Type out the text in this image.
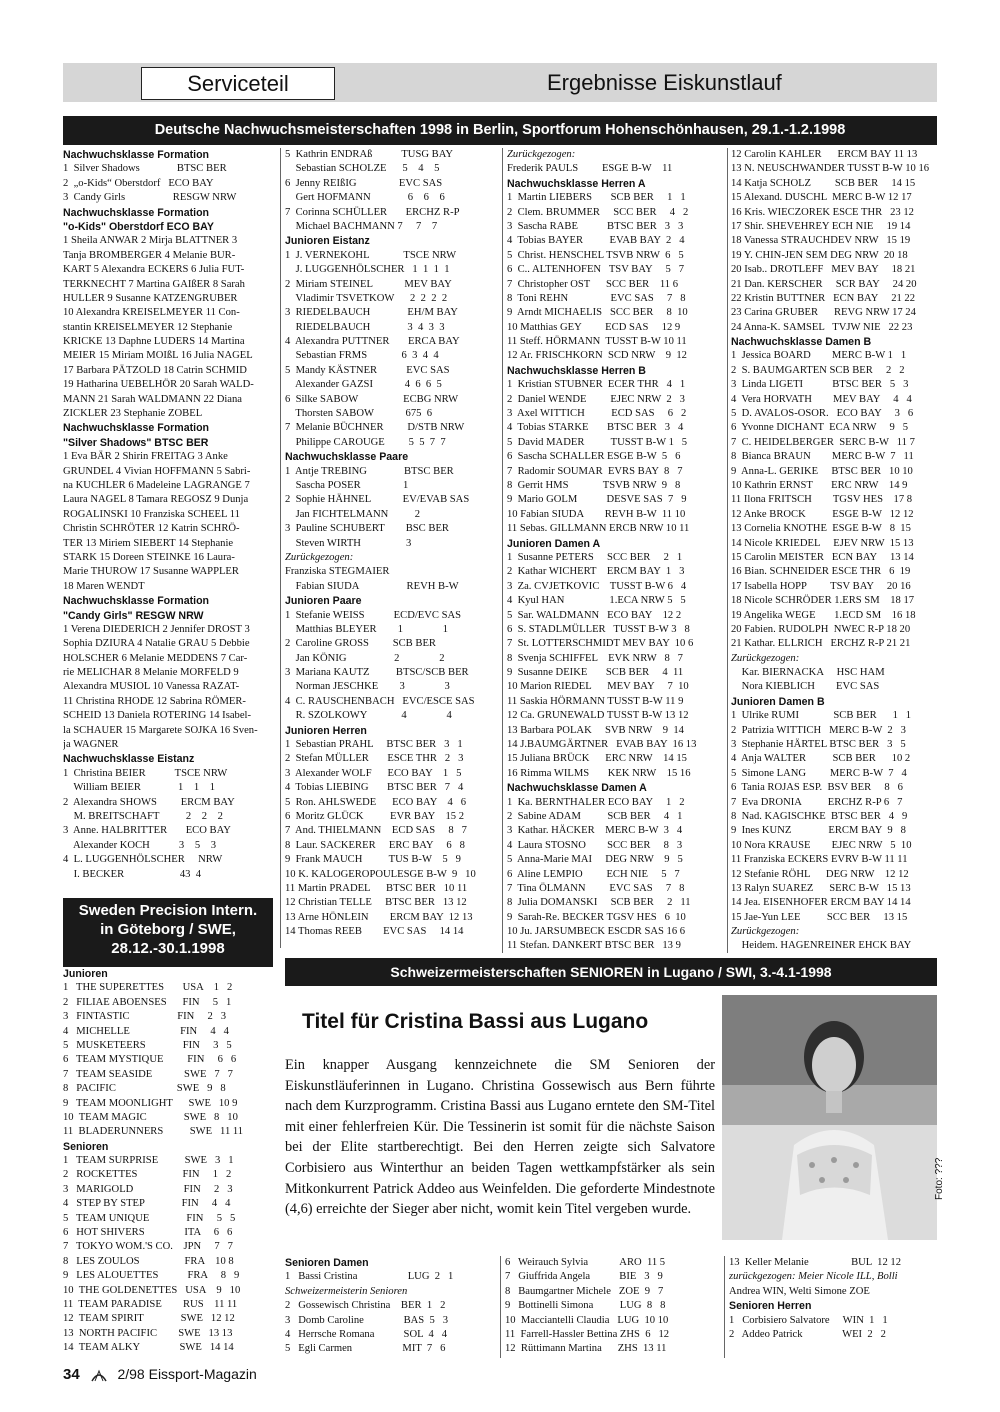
Serviceteil	Ergebnisse Eiskunstlauf
Deutsche Nachwuchsmeisterschaften 1998 in Berlin, Sportforum Hohenschönhausen, 29.1.-1.2.1998
Nachwuchsklasse Formation
1  Silver Shadows              BTSC BER
2  „o-Kids“ Oberstdorf   ECO BAY
3  Candy Girls                  RESGW NRW
Nachwuchsklasse Formation
"o-Kids" Oberstdorf ECO BAY
1 Sheila ANWAR 2 Mirja BLATTNER 3
Tanja BROMBERGER 4 Melanie BUR-
KART 5 Alexandra ECKERS 6 Julia FUT-
TERKNECHT 7 Martina GAIßER 8 Sarah
HULLER 9 Susanne KATZENGRUBER
10 Alexandra KREISELMEYER 11 Con-
stantin KREISELMEYER 12 Stephanie
KRICKE 13 Daphne LUDERS 14 Martina
MEIER 15 Miriam MOIßL 16 Julia NAGEL
17 Barbara PÄTZOLD 18 Catrin SCHMID
19 Hatharina UEBELHÖR 20 Sarah WALD-
MANN 21 Sarah WALDMANN 22 Diana
ZICKLER 23 Stephanie ZOBEL
Nachwuchsklasse Formation
"Silver Shadows" BTSC BER
1 Eva BÄR 2 Shirin FREITAG 3 Anke
GRUNDEL 4 Vivian HOFFMANN 5 Sabri-
na KUCHLER 6 Madeleine LAGRANGE 7
Laura NAGEL 8 Tamara REGOSZ 9 Dunja
ROGALINSKI 10 Franziska SCHEEL 11
Christin SCHRÖTER 12 Katrin SCHRÖ-
TER 13 Miriem SIEBERT 14 Stephanie
STARK 15 Doreen STEINKE 16 Laura-
Marie THUROW 17 Susanne WAPPLER
18 Maren WENDT
Nachwuchsklasse Formation
"Candy Girls" RESGW NRW
1 Verena DIEDERICH 2 Jennifer DROST 3
Sophia DZIURA 4 Natalie GRAU 5 Debbie
HOLSCHER 6 Melanie MEDDENS 7 Car-
rie MELICHAR 8 Melanie MORFELD 9
Alexandra MUSIOL 10 Vanessa RAZAT-
11 Christina RHODE 12 Sabrina RÖMER-
SCHEID 13 Daniela ROTERING 14 Isabel-
la SCHAUER 15 Margarete SOJKA 16 Sven-
ja WAGNER
Nachwuchsklasse Eistanz
1  Christina BEIER           TSCE NRW
William BEIER              1    1    1
2  Alexandra SHOWS         ERCM BAY
M. BREITSCHAFT          2    2    2
3  Anne. HALBRITTER       ECO BAY
Alexander KOCH           3    5    3
4  L. LUGGENHÖLSCHER     NRW
I. BECKER                     43  4
5  Kathrin ENDRAß           TUSG BAY
Sebastian SCHOLZE      5    4    5
6  Jenny REIßIG                EVC SAS
Gert HOFMANN              6    6    6
7  Corinna SCHÜLLER       ERCHZ R-P
Michael BACHMANN 7     7    7
Junioren Eistanz
1  J. VERNEKOHL             TSCE NRW
J. LUGGENHÖLSCHER   1  1  1  1
2  Miriam STEINEL            MEV BAY
Vladimir TSVETKOW      2  2  2  2
3  RIEDELBAUCH              EH/M BAY
RIEDELBAUCH              3  4  3  3
4  Alexandra PUTTNER       ERCA BAY
Sebastian FRMS             6  3  4  4
5  Mandy KÄSTNER           EVC SAS
Alexander GAZSI            4  6  6  5
6  Silke SABOW                 ECBG NRW
Thorsten SABOW            675  6
7  Melanie BÜCHNER         D/STB NRW
Philippe CAROUGE         5  5  7  7
Nachwuchsklasse Paare
1  Antje TREBING              BTSC BER
Sascha POSER                1
2  Sophie HÄHNEL            EV/EVAB SAS
Jan FICHTELMANN          2
3  Pauline SCHUBERT        BSC BER
Steven WIRTH                 3
Zurückgezogen:
Franziska STEGMAIER
Fabian SIUDA                  REVH B-W
Junioren Paare
1  Stefanie WEISS           ECD/EVC SAS
Matthias BLEYER        1               1
2  Caroline GROSS         SCB BER
Jan KÖNIG                  2               2
3  Mariana KAUTZ          BTSC/SCB BER
Norman JESCHKE        3               3
4  C. RAUSCHENBACH   EVC/ESCE SAS
R. SZOLKOWY             4               4
Junioren Herren
1  Sebastian PRAHL     BTSC BER   3   1
2  Stefan MÜLLER       ESCE THR   2   3
3  Alexander WOLF      ECO BAY    1   5
4  Tobias LIEBING       BTSC BER   7   4
5  Ron. AHLSWEDE      ECO BAY    4   6
6  Moritz GLÜCK          EVR BAY    15 2
7  And. THIELMANN    ECD SAS     8   7
8  Laur. SACKERER     ERC BAY     6   8
9  Frank MAUCH          TUS B-W    5   9
10 K. KALOGEROPOULESGE B-W  9   10
11 Martin PRADEL      BTSC BER   10 11
12 Christian TELLE     BTSC BER   13 12
13 Arne HÖNLEIN        ERCM BAY  12 13
14 Thomas REEB        EVC SAS     14 14
Zurückgezogen:
Frederik PAULS         ESGE B-W    11
Nachwuchsklasse Herren A
1  Martin LIEBERS       SCB BER     1   1
2  Clem. BRUMMER     SCC BER     4   2
3  Sascha RABE           BTSC BER   3   3
4  Tobias BAYER          EVAB BAY  2   4
5  Christ. HENSCHEL TSVB NRW  6   5
6  C.. ALTENHOFEN   TSV BAY     5   7
7  Christopher OST      SCC BER    11 6
8  Toni REHN                EVC SAS     7   8
9  Arndt MICHAELIS   SCC BER     8  10
10 Matthias GEY         ECD SAS     12 9
11 Steff. HÖRMANN  TUSST B-W 10 11
12 Ar. FRISCHKORN  SCD NRW    9  12
Nachwuchsklasse Herren B
1  Kristian STUBNER  ECER THR   4   1
2  Daniel WENDE         EJEC NRW  2   3
3  Axel WITTICH          ECD SAS     6   2
4  Tobias STARKE       BTSC BER   3   4
5  David MADER          TUSST B-W 1   5
6  Sascha SCHALLER ESGE B-W  5   6
7  Radomir SOUMAR  EVRS BAY  8   7
8  Gerrit HMS             TSVB NRW  9   8
9  Mario GOLM           DESVE SAS  7   9
10 Fabian SIUDA        REVH B-W  11 10
11 Sebas. GILLMANN ERCB NRW 10 11
Junioren Damen A
1  Susanne PETERS     SCC BER     2   1
2  Kathar WICHERT    ERCM BAY  1   3
3  Za. CVJETKOVIC    TUSST B-W 6   4
4  Kyul HAN                 1.ECA NRW 5   5
5  Sar. WALDMANN   ECO BAY    12 2
6  S. STADLMÜLLER   TUSST B-W 3   8
7  St. LOTTERSCHMIDT MEV BAY  10 6
8  Svenja SCHIFFEL    EVK NRW   8   7
9  Susanne DEIKE       SCB BER     4  11
10 Marion RIEDEL      MEV BAY     7  10
11 Saskia HÖRMANN TUSST B-W 11 9
12 Ca. GRUNEWALD TUSST B-W 13 12
13 Barbara POLAK     SVB NRW    9  14
14 J.BAUMGÄRTNER   EVAB BAY  16 13
15 Juliana BRÜCK      ERC NRW    14 15
16 Rimma WILMS       KEK NRW    15 16
Nachwuchsklasse Damen A
1  Ka. BERNTHALER ECO BAY     1   2
2  Sabine ADAM          SCB BER     4   1
3  Kathar. HÄCKER    MERC B-W  3   4
4  Laura STOSNO        SCC BER     8   3
5  Anna-Marie MAI     DEG NRW    9   5
6  Aline LEMPIO         ECH NIE     5   7
7  Tina ÖLMANN         EVC SAS     7   8
8  Julia DOMANSKI     SCB BER     2   11
9  Sarah-Re. BECKER TGSV HES   6  10
10 Ju. JARSUMBECK ESCDR SAS 16 6
11 Stefan. DANKERT BTSC BER   13 9
12 Carolin KAHLER      ERCM BAY 11 13
13 N. NEUSCHWANDER TUSST B-W 10 16
14 Katja SCHOLZ         SCB BER     14 15
15 Alexand. DUSCHL  MERC B-W 12 17
16 Kris. WIECZOREK ESCE THR   23 12
17 Shir. SHEVEHREY ECH NIE     19 14
18 Vanessa STRAUCHDEV NRW   15 19
19 Y. CHIN-JEN SEM DEG NRW  20 18
20 Isab.. DROTLEFF   MEV BAY     18 21
21 Dan. KERSCHER     SCR BAY     24 20
22 Kristin BUTTNER   ECN BAY     21 22
23 Carina GRUBER      REVG NRW 17 24
24 Anna-K. SAMSEL   TVJW NIE   22 23
Nachwuchsklasse Damen B
1  Jessica BOARD        MERC B-W 1   1
2  S. BAUMGARTEN SCB BER     2   2
3  Linda LIGETI           BTSC BER   5   3
4  Vera HORVATH        MEV BAY     4   4
5  D. AVALOS-OSOR.   ECO BAY     3   6
6  Yvonne DICHANT  ECA NRW     9   5
7  C. HEIDELBERGER  SERC B-W   11 7
8  Bianca BRAUN        MERC B-W  7   11
9  Anna-L. GERIKE     BTSC BER   10 10
10 Kathrin ERNST       ERC NRW    14 9
11 Ilona FRITSCH        TGSV HES    17 8
12 Anke BROCK          ESGE B-W   12 12
13 Cornelia KNOTHE  ESGE B-W   8  15
14 Nicole KRIEDEL     EJEV NRW  15 13
15 Carolin MEISTER   ECN BAY     13 14
16 Bian. SCHNEIDER ESCE THR   6  19
17 Isabella HOPP         TSV BAY     20 16
18 Nicole SCHRÖDER 1.ERS SM    18 17
19 Angelika WEGE       1.ECD SM    16 18
20 Fabien. RUDOLPH  NWEC R-P 18 20
21 Kathar. ELLRICH   ERCHZ R-P 21 21
Zurückgezogen:
Kar. BIERNACKA     HSC HAM
Nora KIEBLICH        EVC SAS
Junioren Damen B
1  Ulrike RUMI             SCB BER      1   1
2  Patrizia WITTICH   MERC B-W  2   3
3  Stephanie HÄRTEL BTSC BER   3   5
4  Anja WALTER          SCB BER      10 2
5  Simone LANG         MERC B-W  7   4
6  Tania ROJAS ESP.  BSV BER     8   6
7  Eva DRONIA          ERCHZ R-P 6   7
8  Nad. KAGISCHKE  BTSC BER   4   9
9  Ines KUNZ              ERCM BAY  9   8
10 Nora KRAUSE        EJEC NRW   5  10
11 Franziska ECKERS EVRV B-W 11 11
12 Stefanie RÖHL      DEG NRW    12 12
13 Ralyn SUAREZ      SERC B-W   15 13
14 Jea. EISENHOFER ERCM BAY 14 14
15 Jae-Yun LEE          SCC BER     13 15
Zurückgezogen:
Heidem. HAGENREINER EHCK BAY
Sweden Precision Intern.
in Göteborg / SWE,
28.12.-30.1.1998
Junioren
1   THE SUPERETTES       USA    1   2
2   FILIAE ABOENSES      FIN     5   1
3   FINTASTIC                  FIN     2   3
4   MICHELLE                   FIN     4   4
5   MUSKETEERS              FIN     3   5
6   TEAM MYSTIQUE         FIN     6   6
7   TEAM SEASIDE            SWE   7   7
8   PACIFIC                       SWE   9   8
9   TEAM MOONLIGHT      SWE   10 9
10  TEAM MAGIC              SWE   8   10
11  BLADERUNNERS          SWE   11 11
Senioren
1   TEAM SURPRISE          SWE   3   1
2   ROCKETTES                 FIN     1   2
3   MARIGOLD                   FIN     2   3
4   STEP BY STEP              FIN     4   4
5   TEAM UNIQUE              FIN     5   5
6   HOT SHIVERS               ITA     6   6
7   TOKYO WOM.'S CO.    JPN     7   7
8   LES ZOULOS                 FRA    10 8
9   LES ALOUETTES           FRA     8   9
10  THE GOLDENETTES   USA    9   10
11  TEAM PARADISE        RUS    11 11
12  TEAM SPIRIT              SWE   12 12
13  NORTH PACIFIC        SWE   13 13
14  TEAM ALKY               SWE   14 14
Schweizermeisterschaften SENIOREN in Lugano / SWI, 3.-4.1-1998
Titel für Cristina Bassi aus Lugano
Ein knapper Ausgang kennzeichnete die SM Senioren der Eiskunstläuferinnen in Lugano. Christina Gossewisch aus Bern führte nach dem Kurzprogramm. Cristina Bassi aus Lugano erntete den SM-Titel mit einer fehlerfreien Kür. Die Tessinerin ist somit für die nächste Saison bei der Elite startberechtigt. Bei den Herren zeigte sich Salvatore Corbisiero aus Winterthur an beiden Tagen wettkampfstärker als sein Mitkonkurrent Patrick Addeo aus Weinfelden. Die geforderte Mindestnote (4,6) erreichte der Sieger aber nicht, womit kein Titel vergeben wurde.
Foto: ???
Senioren Damen
1   Bassi Cristina                   LUG  2   1
Schweizermeisterin Senioren
2   Gossewisch Christina    BER  1   2
3   Domb Caroline               BAS  5   3
4   Herrsche Romana           SOL  4   4
5   Egli Carmen                   MIT  7   6
6   Weirauch Sylvia            ARO  11 5
7   Giuffrida Angela           BIE   3   9
8   Baumgartner Michele   ZOE  9   7
9   Bottinelli Simona          LUG  8   8
10  Macciantelli Claudia   LUG  10 10
11  Farrell-Hassler Bettina ZHS  6   12
12  Rüttimann Martina      ZHS  13 11
13  Keller Melanie                BUL  12 12
zurückgezogen: Meier Nicole ILL, Bolli
Andrea WIN, Welti Simone ZOE
Senioren Herren
1   Corbisiero Salvatore     WIN  1   1
2   Addeo Patrick               WEI  2   2
34	2/98 Eissport-Magazin
